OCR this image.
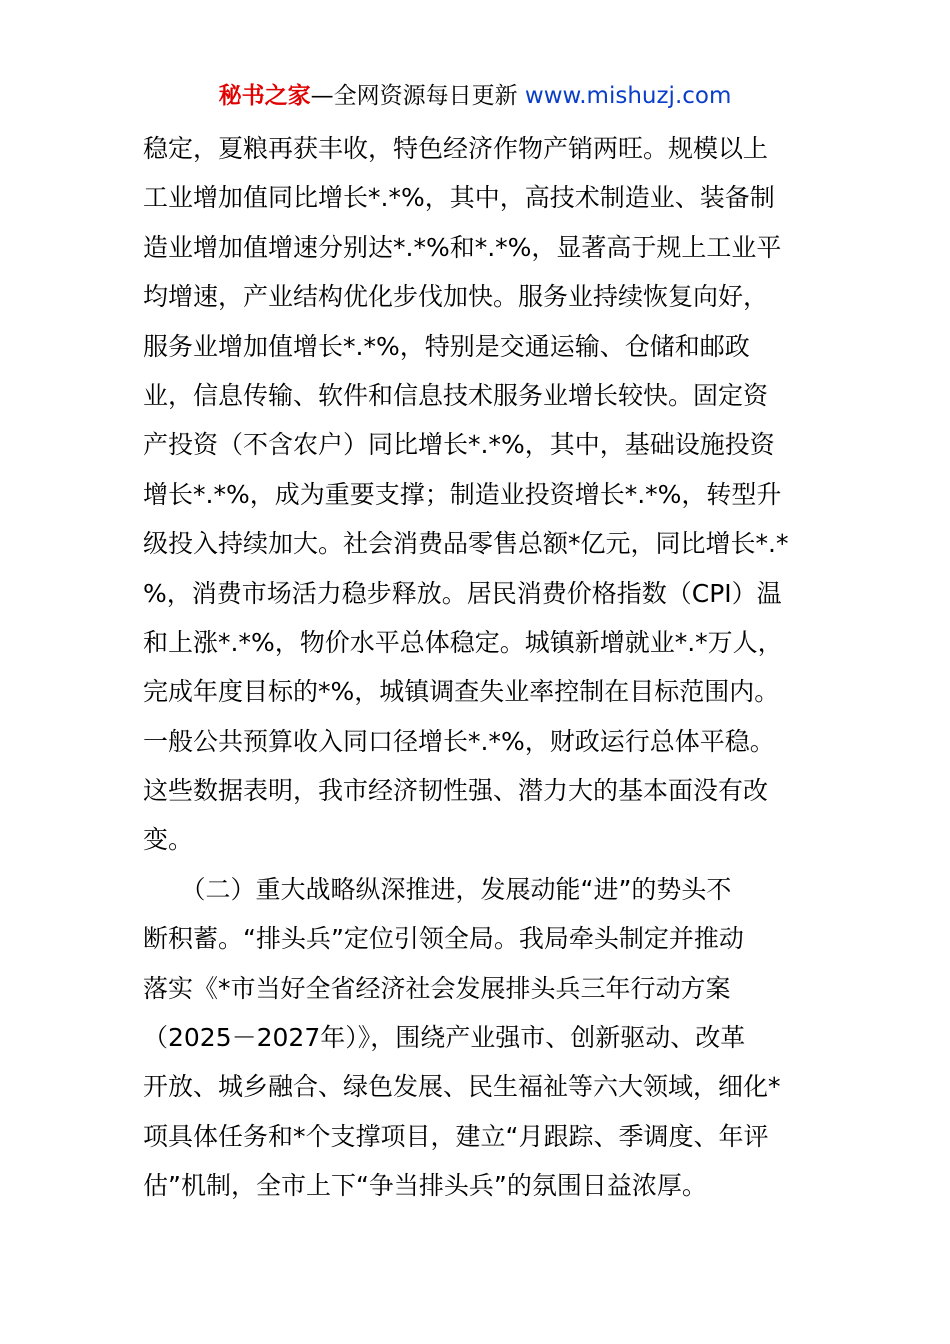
秘书之家—全网资源每日更新 www.mishuzj.com
稳定，夏粮再获丰收，特色经济作物产销两旺。规模以上
工业增加值同比增长*.*%，其中，高技术制造业、装备制
造业增加值增速分别达*.*%和*.*%，显著高于规上工业平
均增速，产业结构优化步伐加快。服务业持续恢复向好，
服务业增加值增长*.*%，特别是交通运输、仓储和邮政
业，信息传输、软件和信息技术服务业增长较快。固定资
产投资（不含农户）同比增长*.*%，其中，基础设施投资
增长*.*%，成为重要支撑；制造业投资增长*.*%，转型升
级投入持续加大。社会消费品零售总额*亿元，同比增长*.*
%，消费市场活力稳步释放。居民消费价格指数（CPI）温
和上涨*.*%，物价水平总体稳定。城镇新增就业*.*万人，
完成年度目标的*%，城镇调查失业率控制在目标范围内。
一般公共预算收入同口径增长*.*%，财政运行总体平稳。
这些数据表明，我市经济韧性强、潜力大的基本面没有改
变。
　　（二）重大战略纵深推进，发展动能“进”的势头不
断积蓄。“排头兵”定位引领全局。我局牵头制定并推动
落实《*市当好全省经济社会发展排头兵三年行动方案
（2025－2027年）》，围绕产业强市、创新驱动、改革
开放、城乡融合、绿色发展、民生福祉等六大领域，细化*
项具体任务和*个支撑项目，建立“月跟踪、季调度、年评
估”机制，全市上下“争当排头兵”的氛围日益浓厚。
